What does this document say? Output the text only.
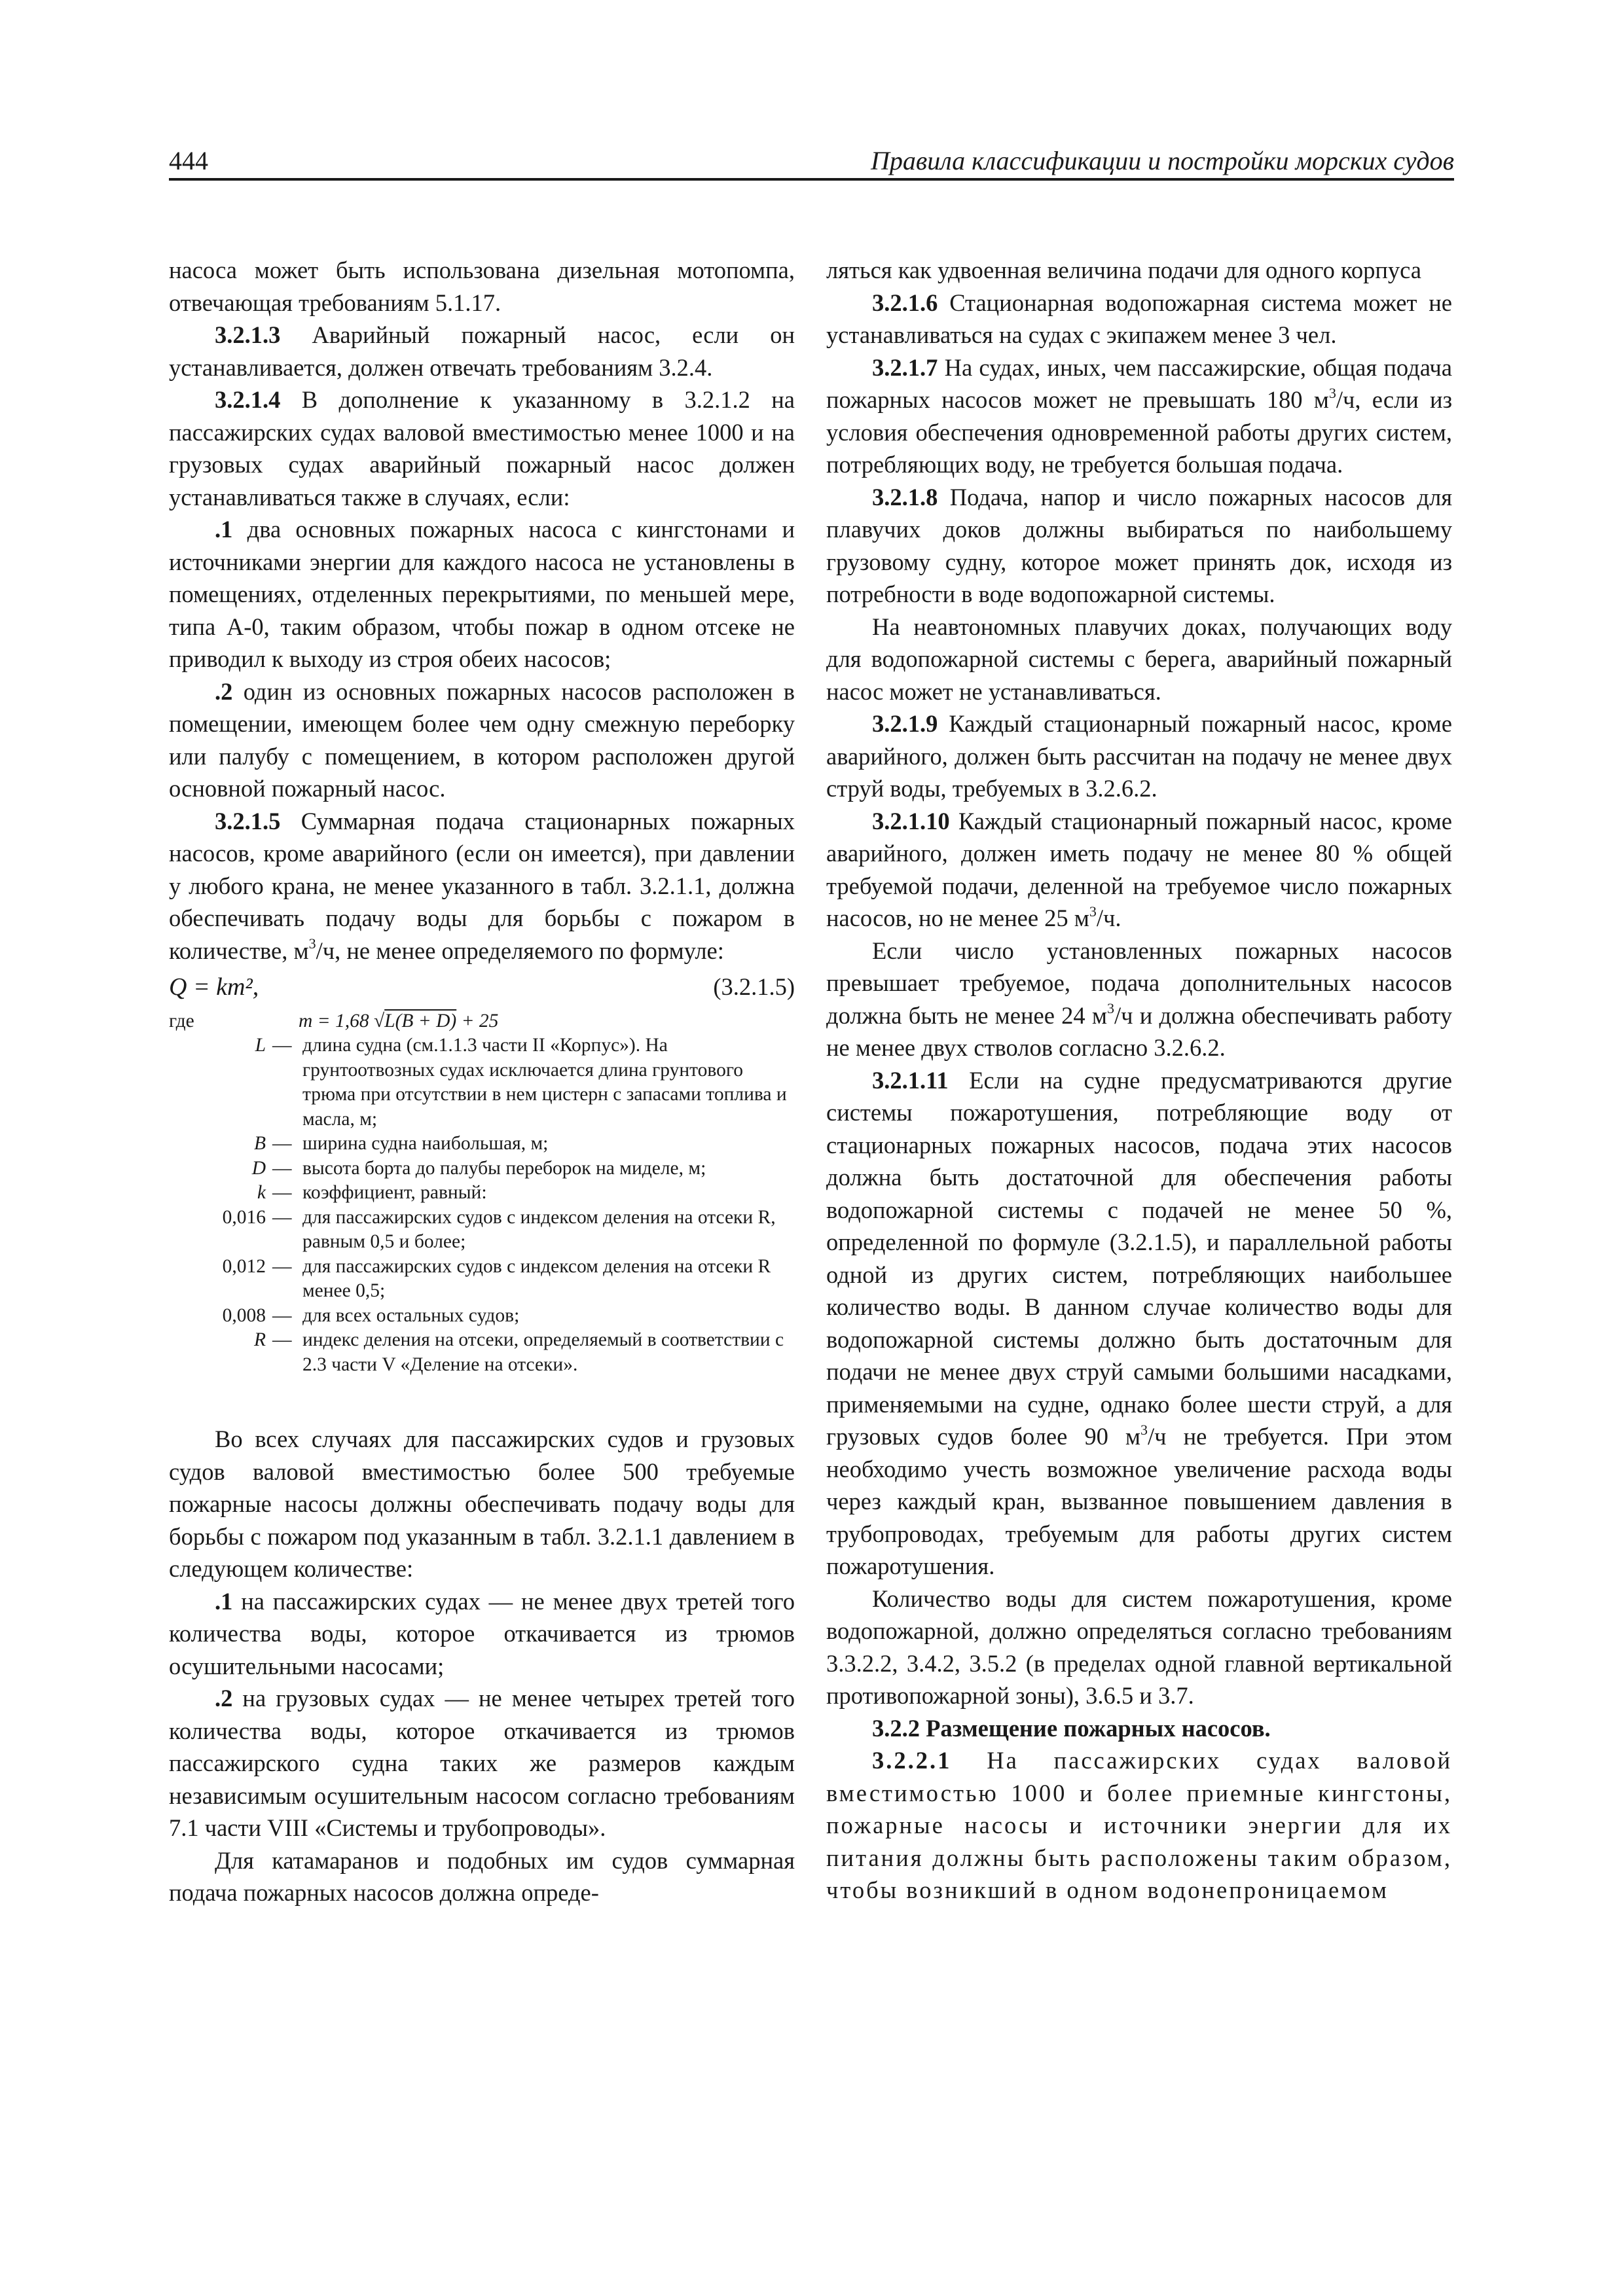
444	Правила классификации и постройки морских судов

насоса может быть использована дизельная мотопомпа, отвечающая требованиям 5.1.17.

3.2.1.3 Аварийный пожарный насос, если он устанавливается, должен отвечать требованиям 3.2.4.

3.2.1.4 В дополнение к указанному в 3.2.1.2 на пассажирских судах валовой вместимостью менее 1000 и на грузовых судах аварийный пожарный насос должен устанавливаться также в случаях, если:

.1 два основных пожарных насоса с кингстонами и источниками энергии для каждого насоса не установлены в помещениях, отделенных перекрытиями, по меньшей мере, типа А-0, таким образом, чтобы пожар в одном отсеке не приводил к выходу из строя обеих насосов;

.2 один из основных пожарных насосов расположен в помещении, имеющем более чем одну смежную переборку или палубу с помещением, в котором расположен другой основной пожарный насос.

3.2.1.5 Суммарная подача стационарных пожарных насосов, кроме аварийного (если он имеется), при давлении у любого крана, не менее указанного в табл. 3.2.1.1, должна обеспечивать подачу воды для борьбы с пожаром в количестве, $м^3/ч$, не менее определяемого по формуле:

Q = km²,	(3.2.1.5)
где	m = 1,68 √L(B + D) + 25	
L	—	длина судна (см.1.1.3 части II «Корпус»). На грунтоотвозных судах исключается длина грунтового трюма при отсутствии в нем цистерн с запасами топлива и масла, м;
B	—	ширина судна наибольшая, м;
D	—	высота борта до палубы переборок на миделе, м;
k	—	коэффициент, равный:
0,016	—	для пассажирских судов с индексом деления на отсеки R, равным 0,5 и более;
0,012	—	для пассажирских судов с индексом деления на отсеки R менее 0,5;
0,008	—	для всех остальных судов;
R	—	индекс деления на отсеки, определяемый в соответствии с 2.3 части V «Деление на отсеки».

Во всех случаях для пассажирских судов и грузовых судов валовой вместимостью более 500 требуемые пожарные насосы должны обеспечивать подачу воды для борьбы с пожаром под указанным в табл. 3.2.1.1 давлением в следующем количестве:

.1 на пассажирских судах — не менее двух третей того количества воды, которое откачивается из трюмов осушительными насосами;

.2 на грузовых судах — не менее четырех третей того количества воды, которое откачивается из трюмов пассажирского судна таких же размеров каждым независимым осушительным насосом согласно требованиям 7.1 части VIII «Системы и трубопроводы».

Для катамаранов и подобных им судов суммарная подача пожарных насосов должна опреде-

ляться как удвоенная величина подачи для одного корпуса

3.2.1.6 Стационарная водопожарная система может не устанавливаться на судах с экипажем менее 3 чел.

3.2.1.7 На судах, иных, чем пассажирские, общая подача пожарных насосов может не превышать 180 $м^3/ч$, если из условия обеспечения одновременной работы других систем, потребляющих воду, не требуется большая подача.

3.2.1.8 Подача, напор и число пожарных насосов для плавучих доков должны выбираться по наибольшему грузовому судну, которое может принять док, исходя из потребности в воде водопожарной системы.

На неавтономных плавучих доках, получающих воду для водопожарной системы с берега, аварийный пожарный насос может не устанавливаться.

3.2.1.9 Каждый стационарный пожарный насос, кроме аварийного, должен быть рассчитан на подачу не менее двух струй воды, требуемых в 3.2.6.2.

3.2.1.10 Каждый стационарный пожарный насос, кроме аварийного, должен иметь подачу не менее 80 % общей требуемой подачи, деленной на требуемое число пожарных насосов, но не менее 25 $м^3/ч$.

Если число установленных пожарных насосов превышает требуемое, подача дополнительных насосов должна быть не менее 24 $м^3/ч$ и должна обеспечивать работу не менее двух стволов согласно 3.2.6.2.

3.2.1.11 Если на судне предусматриваются другие системы пожаротушения, потребляющие воду от стационарных пожарных насосов, подача этих насосов должна быть достаточной для обеспечения работы водопожарной системы с подачей не менее 50 %, определенной по формуле (3.2.1.5), и параллельной работы одной из других систем, потребляющих наибольшее количество воды. В данном случае количество воды для водопожарной системы должно быть достаточным для подачи не менее двух струй самыми большими насадками, применяемыми на судне, однако более шести струй, а для грузовых судов более 90 $м^3/ч$ не требуется. При этом необходимо учесть возможное увеличение расхода воды через каждый кран, вызванное повышением давления в трубопроводах, требуемым для работы других систем пожаротушения.

Количество воды для систем пожаротушения, кроме водопожарной, должно определяться согласно требованиям 3.3.2.2, 3.4.2, 3.5.2 (в пределах одной главной вертикальной противопожарной зоны), 3.6.5 и 3.7.

3.2.2 Размещение пожарных насосов.

3.2.2.1 На пассажирских судах валовой вместимостью 1000 и более приемные кингстоны, пожарные насосы и источники энергии для их питания должны быть расположены таким образом, чтобы возникший в одном водонепроницаемом
